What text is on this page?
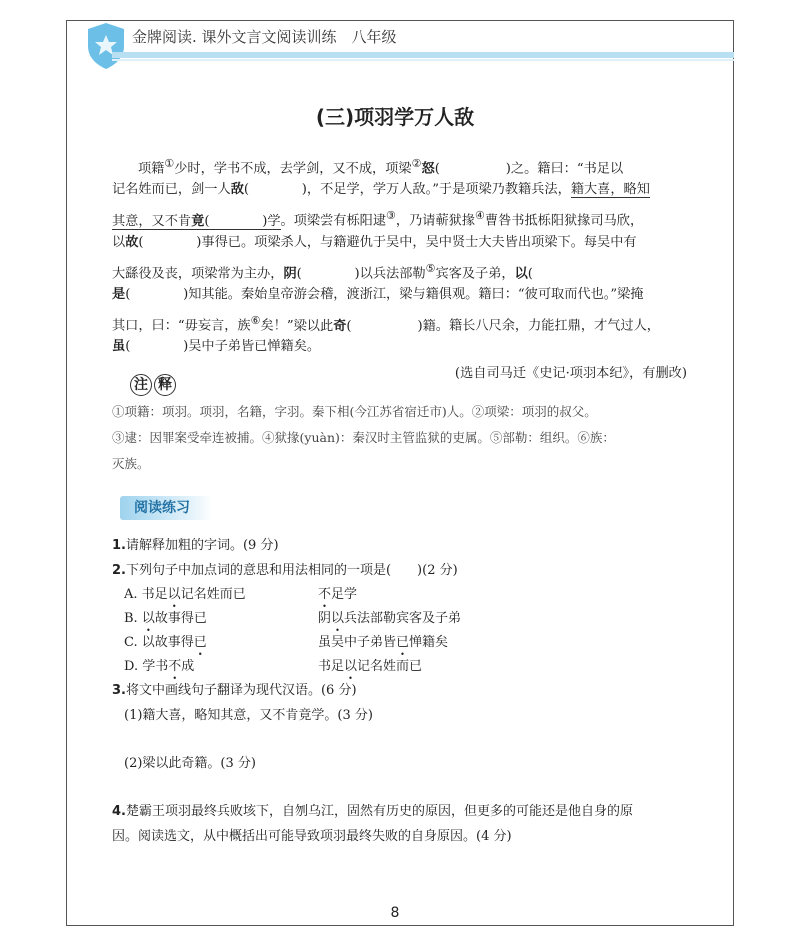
金牌阅读. 课外文言文阅读训练　八年级
(三)项羽学万人敌
项籍①少时，学书不成，去学剑，又不成，项梁②怒(　　　　　)之。籍曰：“书足以
记名姓而已，剑一人敌(　　　　)，不足学，学万人敌。”于是项梁乃教籍兵法，籍大喜，略知
其意，又不肯竟(　　　　)学。项梁尝有栎阳逮③，乃请蕲狱掾④曹咎书抵栎阳狱掾司马欣，
以故(　　　　)事得已。项梁杀人，与籍避仇于吴中，吴中贤士大夫皆出项梁下。每吴中有
大繇役及丧，项梁常为主办，阴(　　　　)以兵法部勒⑤宾客及子弟，以(　　　　
是(　　　　)知其能。秦始皇帝游会稽，渡浙江，梁与籍俱观。籍曰：“彼可取而代也。”梁掩
其口，曰：“毋妄言，族⑥矣！”梁以此奇(　　　　　)籍。籍长八尺余，力能扛鼎，才气过人，
虽(　　　　)吴中子弟皆已惮籍矣。
(选自司马迁《史记·项羽本纪》，有删改)
注 释
①项籍：项羽。项羽，名籍，字羽。秦下相(今江苏省宿迁市)人。②项梁：项羽的叔父。
③逮：因罪案受牵连被捕。④狱掾(yuàn)：秦汉时主管监狱的吏属。⑤部勒：组织。⑥族：
灭族。
阅读练习
1.请解释加粗的字词。(9 分)
2.下列句子中加点词的意思和用法相同的一项是(　　)(2 分)
A. 书足以记名姓而已	不足学
B. 以故事得已	阴以兵法部勒宾客及子弟
C. 以故事得已	虽吴中子弟皆已惮籍矣
D. 学书不成	书足以记名姓而已
3.将文中画线句子翻译为现代汉语。(6 分)
(1)籍大喜，略知其意，又不肯竟学。(3 分)
(2)梁以此奇籍。(3 分)
4.楚霸王项羽最终兵败垓下，自刎乌江，固然有历史的原因，但更多的可能还是他自身的原
因。阅读选文，从中概括出可能导致项羽最终失败的自身原因。(4 分)
8
